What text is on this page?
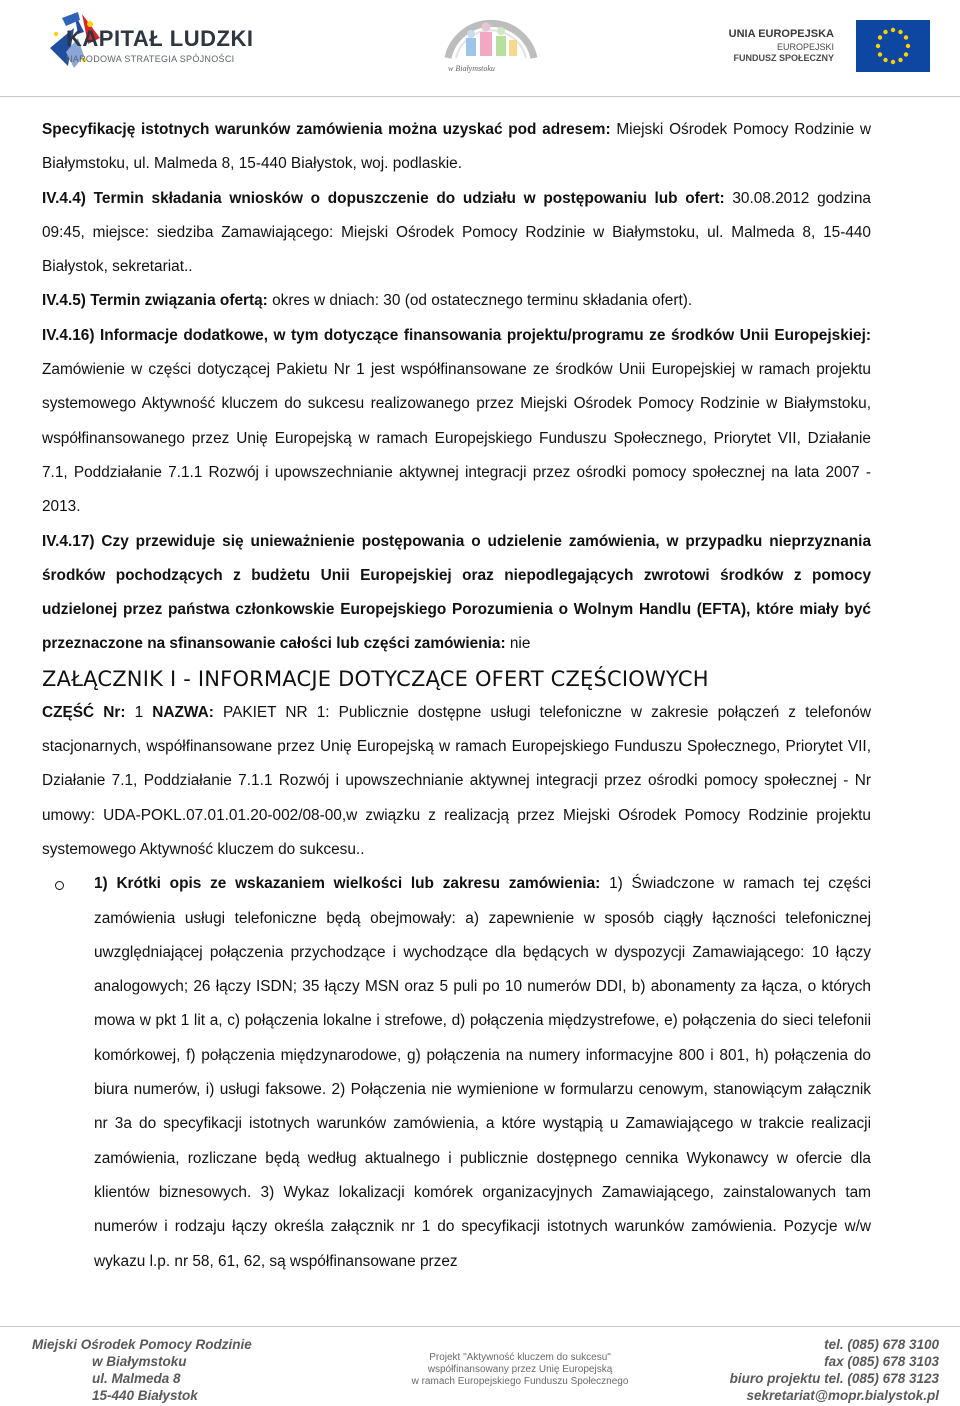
KAPITAŁ LUDZKI
NARODOWA STRATEGIA SPÓJNOŚCI
w Białymstoku
UNIA EUROPEJSKA
EUROPEJSKI
FUNDUSZ SPOŁECZNY

Specyfikację istotnych warunków zamówienia można uzyskać pod adresem: Miejski Ośrodek Pomocy Rodzinie w Białymstoku, ul. Malmeda 8, 15-440 Białystok, woj. podlaskie.

IV.4.4) Termin składania wniosków o dopuszczenie do udziału w postępowaniu lub ofert: 30.08.2012 godzina 09:45, miejsce: siedziba Zamawiającego: Miejski Ośrodek Pomocy Rodzinie w Białymstoku, ul. Malmeda 8, 15-440 Białystok, sekretariat..

IV.4.5) Termin związania ofertą: okres w dniach: 30 (od ostatecznego terminu składania ofert).

IV.4.16) Informacje dodatkowe, w tym dotyczące finansowania projektu/programu ze środków Unii Europejskiej: Zamówienie w części dotyczącej Pakietu Nr 1 jest współfinansowane ze środków Unii Europejskiej w ramach projektu systemowego Aktywność kluczem do sukcesu realizowanego przez Miejski Ośrodek Pomocy Rodzinie w Białymstoku, współfinansowanego przez Unię Europejską w ramach Europejskiego Funduszu Społecznego, Priorytet VII, Działanie 7.1, Poddziałanie 7.1.1 Rozwój i upowszechnianie aktywnej integracji przez ośrodki pomocy społecznej na lata 2007 - 2013.

IV.4.17) Czy przewiduje się unieważnienie postępowania o udzielenie zamówienia, w przypadku nieprzyznania środków pochodzących z budżetu Unii Europejskiej oraz niepodlegających zwrotowi środków z pomocy udzielonej przez państwa członkowskie Europejskiego Porozumienia o Wolnym Handlu (EFTA), które miały być przeznaczone na sfinansowanie całości lub części zamówienia: nie

ZAŁĄCZNIK I - INFORMACJE DOTYCZĄCE OFERT CZĘŚCIOWYCH

CZĘŚĆ Nr: 1 NAZWA: PAKIET NR 1: Publicznie dostępne usługi telefoniczne w zakresie połączeń z telefonów stacjonarnych, współfinansowane przez Unię Europejską w ramach Europejskiego Funduszu Społecznego, Priorytet VII, Działanie 7.1, Poddziałanie 7.1.1 Rozwój i upowszechnianie aktywnej integracji przez ośrodki pomocy społecznej - Nr umowy: UDA-POKL.07.01.01.20-002/08-00,w związku z realizacją przez Miejski Ośrodek Pomocy Rodzinie projektu systemowego Aktywność kluczem do sukcesu..

1) Krótki opis ze wskazaniem wielkości lub zakresu zamówienia: 1) Świadczone w ramach tej części zamówienia usługi telefoniczne będą obejmowały: a) zapewnienie w sposób ciągły łączności telefonicznej uwzględniającej połączenia przychodzące i wychodzące dla będących w dyspozycji Zamawiającego: 10 łączy analogowych; 26 łączy ISDN; 35 łączy MSN oraz 5 puli po 10 numerów DDI, b) abonamenty za łącza, o których mowa w pkt 1 lit a, c) połączenia lokalne i strefowe, d) połączenia międzystrefowe, e) połączenia do sieci telefonii komórkowej, f) połączenia międzynarodowe, g) połączenia na numery informacyjne 800 i 801, h) połączenia do biura numerów, i) usługi faksowe. 2) Połączenia nie wymienione w formularzu cenowym, stanowiącym załącznik nr 3a do specyfikacji istotnych warunków zamówienia, a które wystąpią u Zamawiającego w trakcie realizacji zamówienia, rozliczane będą według aktualnego i publicznie dostępnego cennika Wykonawcy w ofercie dla klientów biznesowych. 3) Wykaz lokalizacji komórek organizacyjnych Zamawiającego, zainstalowanych tam numerów i rodzaju łączy określa załącznik nr 1 do specyfikacji istotnych warunków zamówienia. Pozycje w/w wykazu l.p. nr 58, 61, 62, są współfinansowane przez

Miejski Ośrodek Pomocy Rodzinie
w Białymstoku
ul. Malmeda 8
15-440 Białystok
Projekt "Aktywność kluczem do sukcesu"
współfinansowany przez Unię Europejską
w ramach Europejskiego Funduszu Społecznego
tel. (085) 678 3100
fax (085) 678 3103
biuro projektu tel. (085) 678 3123
sekretariat@mopr.bialystok.pl
